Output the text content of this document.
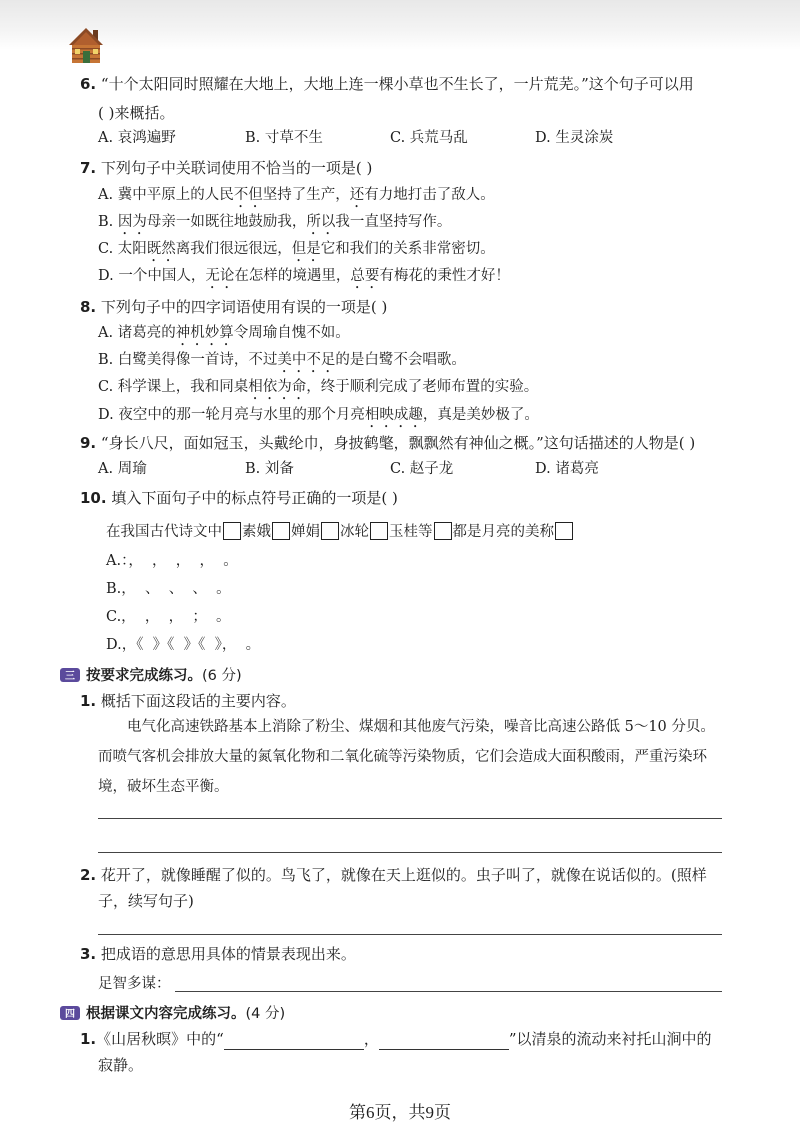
6. “十个太阳同时照耀在大地上，大地上连一棵小草也不生长了，一片荒芜。”这个句子可以用
( )来概括。
A. 哀鸿遍野	B. 寸草不生	C. 兵荒马乱	D. 生灵涂炭
7. 下列句子中关联词使用不恰当的一项是( )
A. 冀中平原上的人民不但坚持了生产，还有力地打击了敌人。
B. 因为母亲一如既往地鼓励我，所以我一直坚持写作。
C. 太阳既然离我们很远很远，但是它和我们的关系非常密切。
D. 一个中国人，无论在怎样的境遇里，总要有梅花的秉性才好！
8. 下列句子中的四字词语使用有误的一项是( )
A. 诸葛亮的神机妙算令周瑜自愧不如。
B. 白鹭美得像一首诗，不过美中不足的是白鹭不会唱歌。
C. 科学课上，我和同桌相依为命，终于顺利完成了老师布置的实验。
D. 夜空中的那一轮月亮与水里的那个月亮相映成趣，真是美妙极了。
9. “身长八尺，面如冠玉，头戴纶巾，身披鹤氅，飘飘然有神仙之概。”这句话描述的人物是( )
A. 周瑜	B. 刘备	C. 赵子龙	D. 诸葛亮
10. 填入下面句子中的标点符号正确的一项是( )
在我国古代诗文中 素娥 婵娟 冰轮 玉桂等 都是月亮的美称
A.：，  ，  ，  ，  。
B.，  、  、  、  。
C.，  ，  ，  ；  。
D.，《  》《  》《  》，  。
三 按要求完成练习。 (6 分)
1. 概括下面这段话的主要内容。
电气化高速铁路基本上消除了粉尘、煤烟和其他废气污染，噪音比高速公路低 5～10 分贝。而喷气客机会排放大量的氮氧化物和二氧化硫等污染物质，它们会造成大面积酸雨，严重污染环境，破坏生态平衡。
2. 花开了，就像睡醒了似的。鸟飞了，就像在天上逛似的。虫子叫了，就像在说话似的。(照样
子，续写句子)
3. 把成语的意思用具体的情景表现出来。
足智多谋：
四 根据课文内容完成练习。 (4 分)
1.《山居秋暝》中的“	，	”以清泉的流动来衬托山涧中的
寂静。
第6页，共9页
